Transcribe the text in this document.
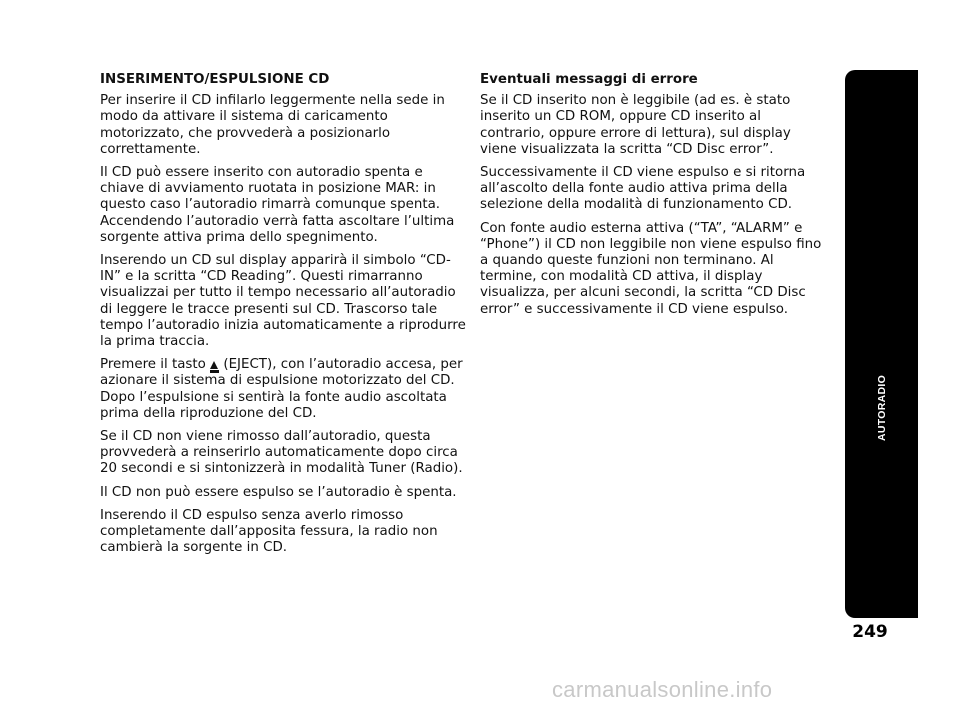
INSERIMENTO/ESPULSIONE CD

Per inserire il CD infilarlo leggermente nella sede in modo da attivare il sistema di caricamento motorizzato, che provvederà a posizionarlo correttamente.

Il CD può essere inserito con autoradio spenta e chiave di avviamento ruotata in posizione MAR: in questo caso l’autoradio rimarrà comunque spenta. Accendendo l’autoradio verrà fatta ascoltare l’ultima sorgente attiva prima dello spegnimento.

Inserendo un CD sul display apparirà il simbolo “CD-IN” e la scritta “CD Reading”. Questi rimarranno visualizzai per tutto il tempo necessario all’autoradio di leggere le tracce presenti sul CD. Trascorso tale tempo l’autoradio inizia automaticamente a riprodurre la prima traccia.

Premere il tasto  (EJECT), con l’autoradio accesa, per azionare il sistema di espulsione motorizzato del CD. Dopo l’espulsione si sentirà la fonte audio ascoltata prima della riproduzione del CD.

Se il CD non viene rimosso dall’autoradio, questa provvederà a reinserirlo automaticamente dopo circa 20 secondi e si sintonizzerà in modalità Tuner (Radio).

Il CD non può essere espulso se l’autoradio è spenta.

Inserendo il CD espulso senza averlo rimosso completamente dall’apposita fessura, la radio non cambierà la sorgente in CD.

Eventuali messaggi di errore

Se il CD inserito non è leggibile (ad es. è stato inserito un CD ROM, oppure CD inserito al contrario, oppure errore di lettura), sul display viene visualizzata la scritta “CD Disc error”.

Successivamente il CD viene espulso e si ritorna all’ascolto della fonte audio attiva prima della selezione della modalità di funzionamento CD.

Con fonte audio esterna attiva (“TA”, “ALARM” e “Phone”) il CD non leggibile non viene espulso fino a quando queste funzioni non terminano. Al termine, con modalità CD attiva, il display visualizza, per alcuni secondi, la scritta “CD Disc error” e successivamente il CD viene espulso.

AUTORADIO
249
carmanualsonline.info
